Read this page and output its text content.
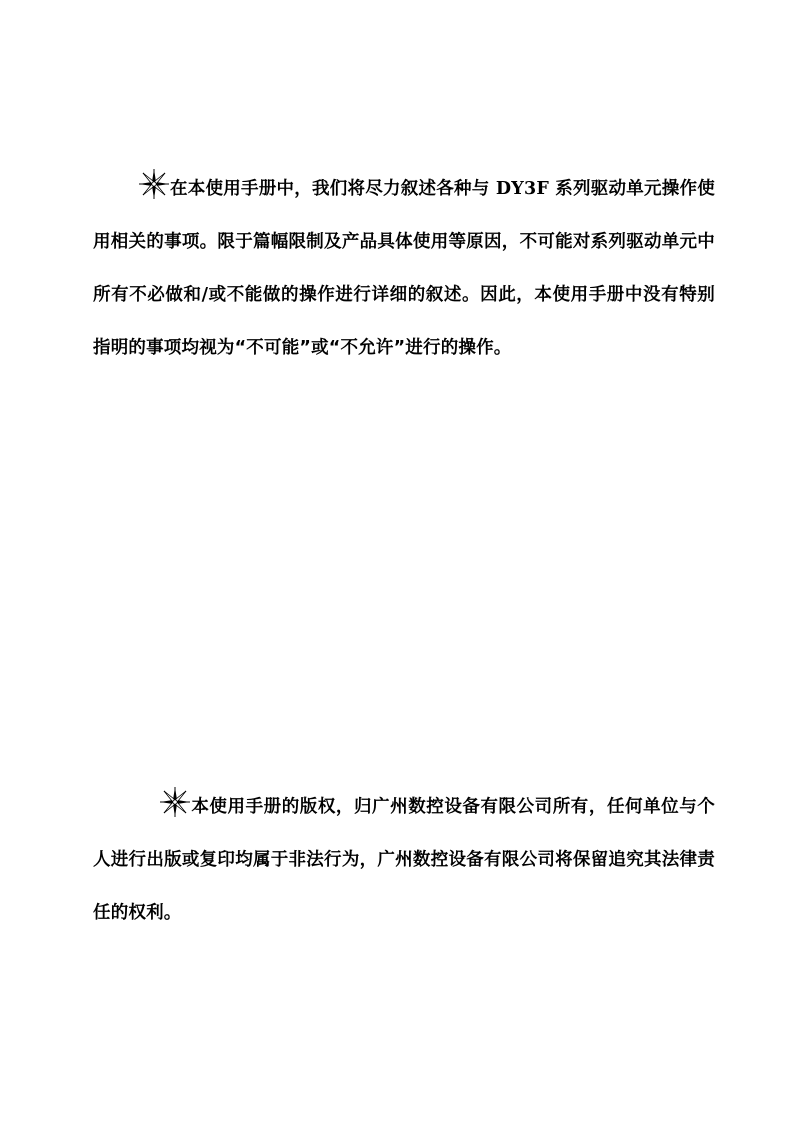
在本使用手册中，我们将尽力叙述各种与 DY3F 系列驱动单元操作使用相关的事项。限于篇幅限制及产品具体使用等原因，不可能对系列驱动单元中所有不必做和/或不能做的操作进行详细的叙述。因此，本使用手册中没有特别指明的事项均视为“不可能”或“不允许”进行的操作。
本使用手册的版权，归广州数控设备有限公司所有，任何单位与个人进行出版或复印均属于非法行为，广州数控设备有限公司将保留追究其法律责任的权利。
